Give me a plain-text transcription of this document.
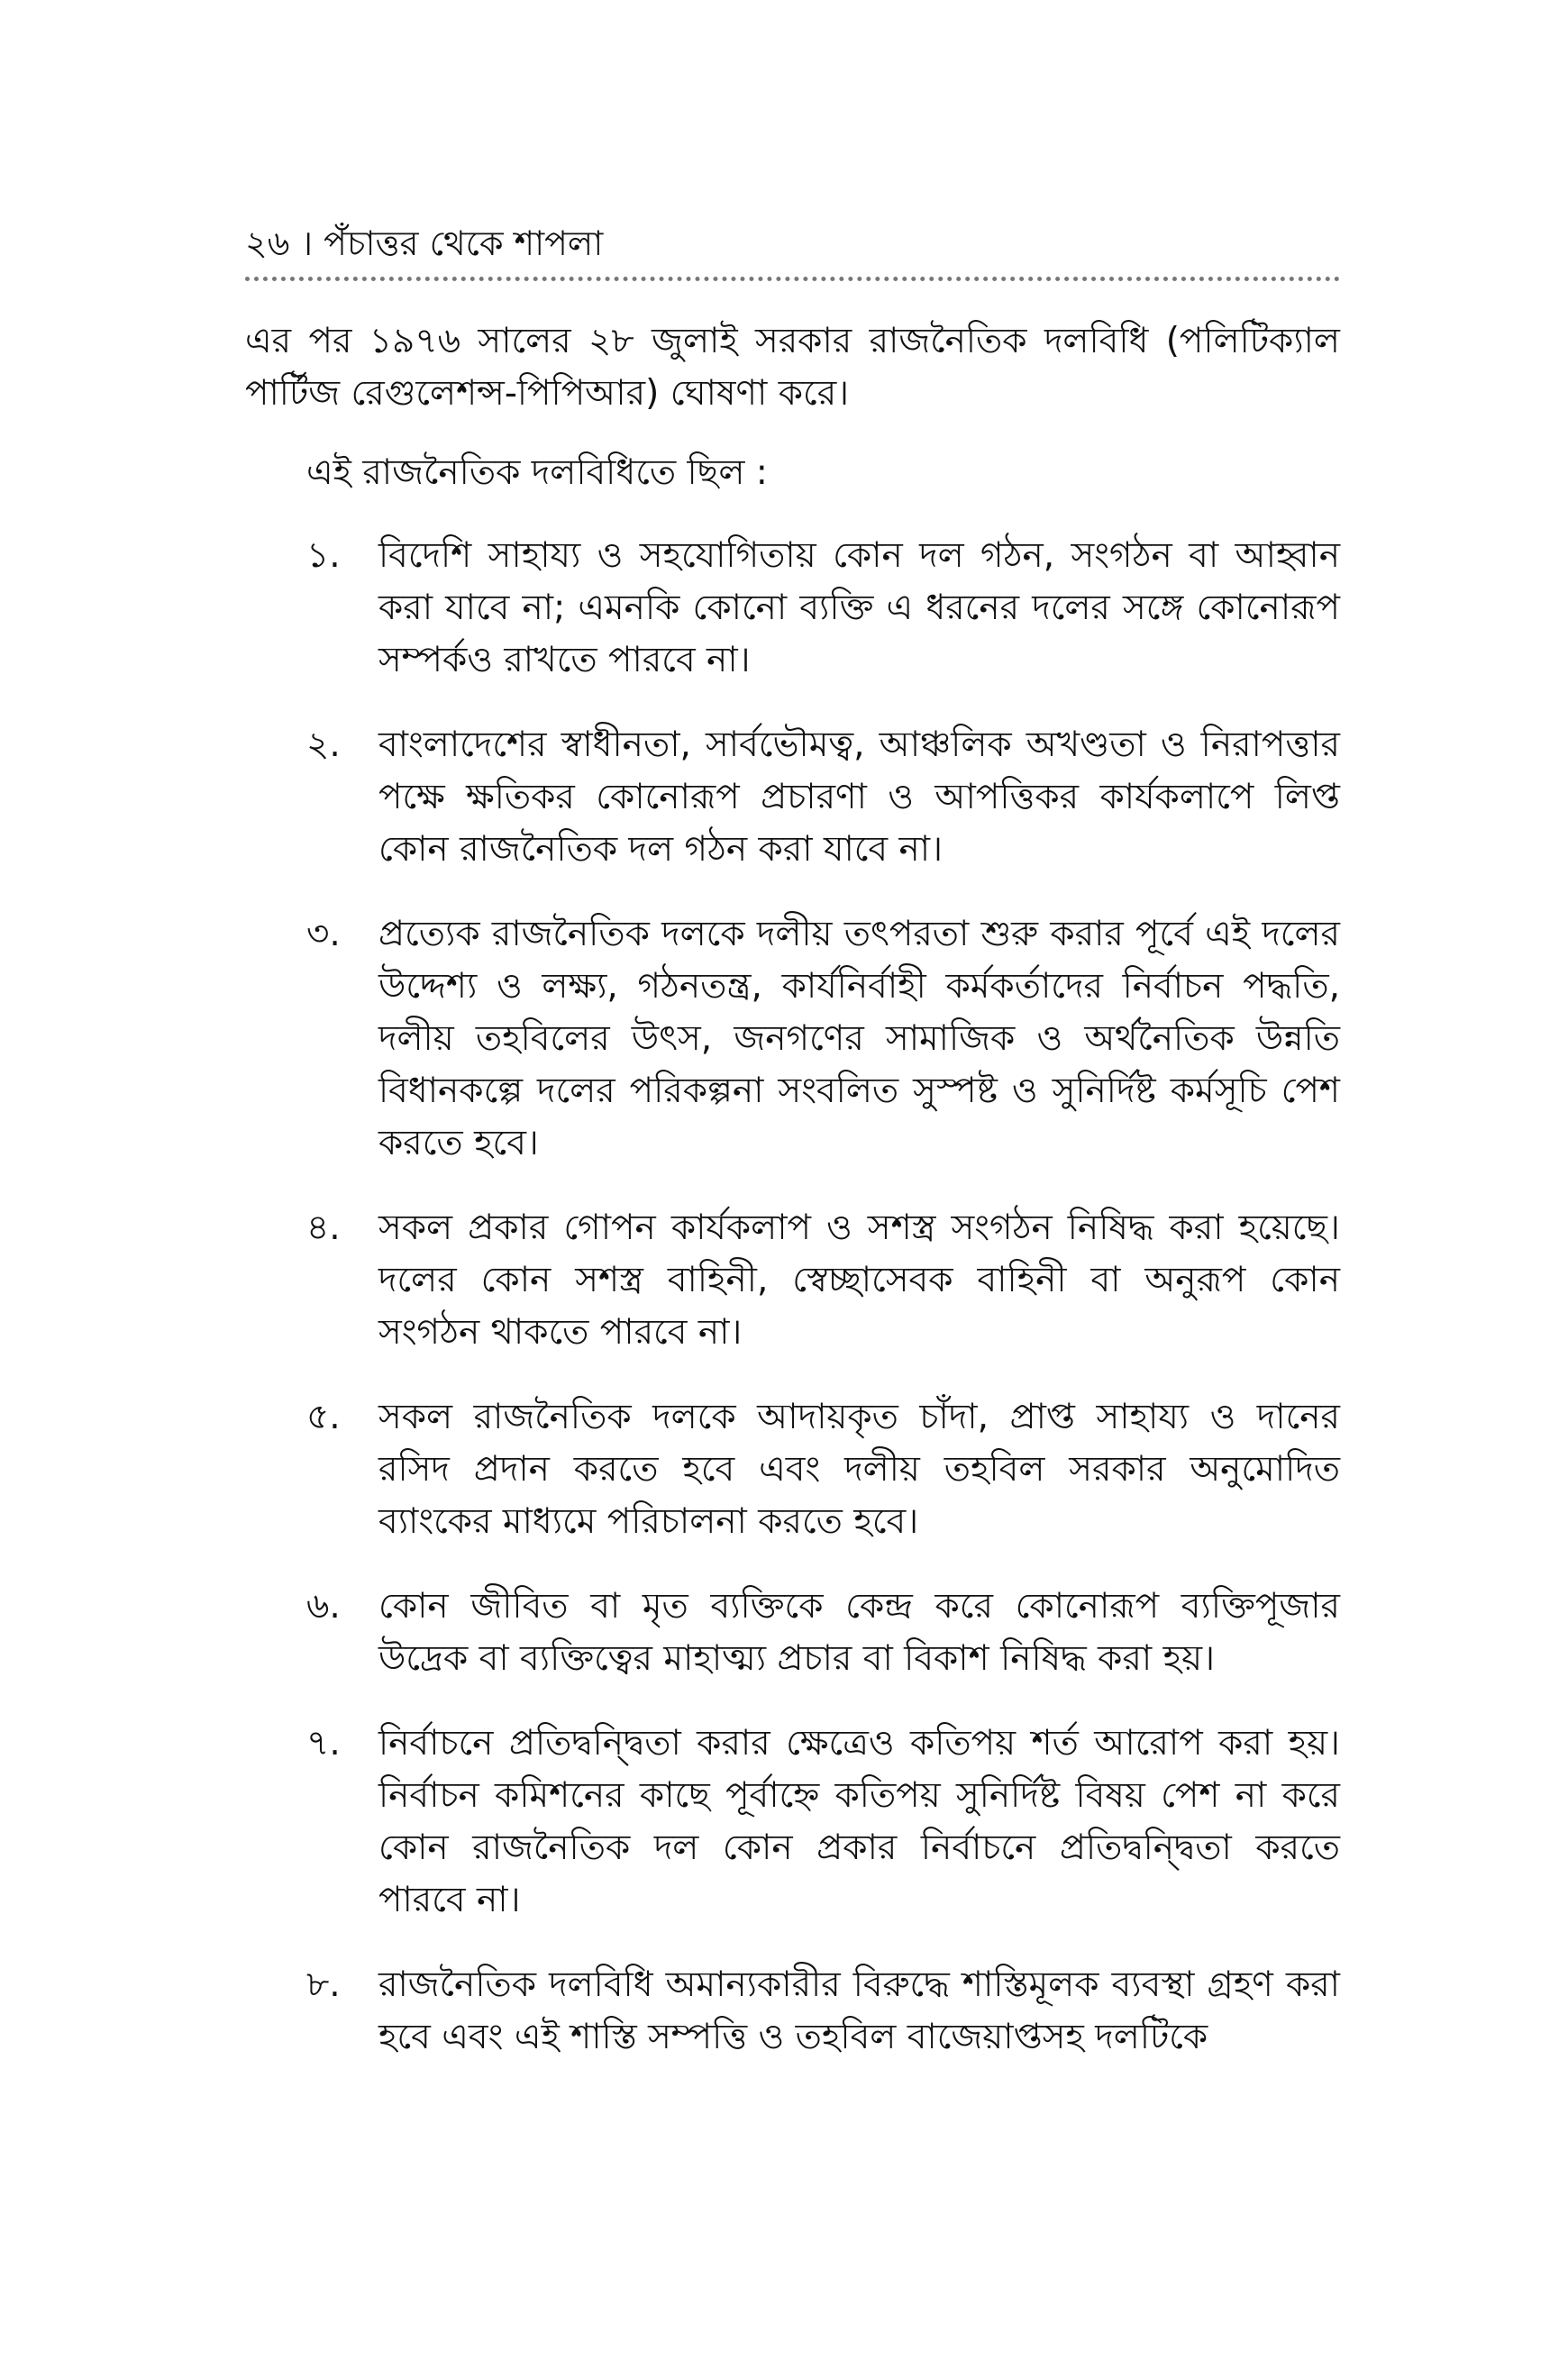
২৬ । পঁচাত্তর থেকে শাপলা

এর পর ১৯৭৬ সালের ২৮ জুলাই সরকার রাজনৈতিক দলবিধি (পলিটিক্যাল পার্টিজ রেগুলেশন্স-পিপিআর) ঘোষণা করে।

এই রাজনৈতিক দলবিধিতে ছিল :

১.	বিদেশি সাহায্য ও সহযোগিতায় কোন দল গঠন, সংগঠন বা আহ্বান করা যাবে না; এমনকি কোনো ব্যক্তি এ ধরনের দলের সঙ্গে কোনোরূপ সম্পর্কও রাখতে পারবে না।
২.	বাংলাদেশের স্বাধীনতা, সার্বভৌমত্ব, আঞ্চলিক অখণ্ডতা ও নিরাপত্তার পক্ষে ক্ষতিকর কোনোরূপ প্রচারণা ও আপত্তিকর কার্যকলাপে লিপ্ত কোন রাজনৈতিক দল গঠন করা যাবে না।
৩.	প্রত্যেক রাজনৈতিক দলকে দলীয় তৎপরতা শুরু করার পূর্বে এই দলের উদ্দেশ্য ও লক্ষ্য, গঠনতন্ত্র, কার্যনির্বাহী কর্মকর্তাদের নির্বাচন পদ্ধতি, দলীয় তহবিলের উৎস, জনগণের সামাজিক ও অর্থনৈতিক উন্নতি বিধানকল্পে দলের পরিকল্পনা সংবলিত সুস্পষ্ট ও সুনির্দিষ্ট কর্মসূচি পেশ করতে হবে।
৪.	সকল প্রকার গোপন কার্যকলাপ ও সশস্ত্র সংগঠন নিষিদ্ধ করা হয়েছে। দলের কোন সশস্ত্র বাহিনী, স্বেচ্ছাসেবক বাহিনী বা অনুরূপ কোন সংগঠন থাকতে পারবে না।
৫.	সকল রাজনৈতিক দলকে আদায়কৃত চাঁদা, প্রাপ্ত সাহায্য ও দানের রসিদ প্রদান করতে হবে এবং দলীয় তহবিল সরকার অনুমোদিত ব্যাংকের মাধ্যমে পরিচালনা করতে হবে।
৬.	কোন জীবিত বা মৃত ব্যক্তিকে কেন্দ্র করে কোনোরূপ ব্যক্তিপূজার উদ্রেক বা ব্যক্তিত্বের মাহাত্ম্য প্রচার বা বিকাশ নিষিদ্ধ করা হয়।
৭.	নির্বাচনে প্রতিদ্বন্দ্বিতা করার ক্ষেত্রেও কতিপয় শর্ত আরোপ করা হয়। নির্বাচন কমিশনের কাছে পূর্বাহ্নে কতিপয় সুনির্দিষ্ট বিষয় পেশ না করে কোন রাজনৈতিক দল কোন প্রকার নির্বাচনে প্রতিদ্বন্দ্বিতা করতে পারবে না।
৮.	রাজনৈতিক দলবিধি অমান্যকারীর বিরুদ্ধে শাস্তিমূলক ব্যবস্থা গ্রহণ করা হবে এবং এই শাস্তি সম্পত্তি ও তহবিল বাজেয়াপ্তসহ দলটিকে
